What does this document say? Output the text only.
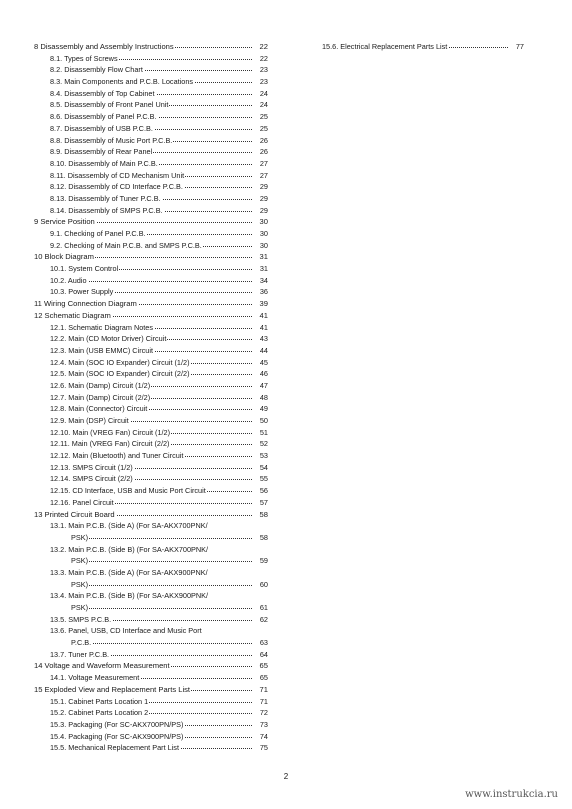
8 Disassembly and Assembly Instructions	22
8.1. Types of Screws	22
8.2. Disassembly Flow Chart	23
8.3. Main Components and P.C.B. Locations	23
8.4. Disassembly of Top Cabinet	24
8.5. Disassembly of Front Panel Unit	24
8.6. Disassembly of Panel P.C.B.	25
8.7. Disassembly of USB P.C.B.	25
8.8. Disassembly of Music Port P.C.B.	26
8.9. Disassembly of Rear Panel	26
8.10. Disassembly of Main P.C.B.	27
8.11. Disassembly of CD Mechanism Unit	27
8.12. Disassembly of CD Interface P.C.B.	29
8.13. Disassembly of Tuner P.C.B.	29
8.14. Disassembly of SMPS P.C.B.	29
9 Service Position	30
9.1. Checking of Panel P.C.B.	30
9.2. Checking of Main P.C.B. and SMPS P.C.B.	30
10 Block Diagram	31
10.1. System Control	31
10.2. Audio	34
10.3. Power Supply	36
11 Wiring Connection Diagram	39
12 Schematic Diagram	41
12.1. Schematic Diagram Notes	41
12.2. Main (CD Motor Driver) Circuit	43
12.3. Main (USB EMMC) Circuit	44
12.4. Main (SOC IO Expander) Circuit (1/2)	45
12.5. Main (SOC IO Expander) Circuit (2/2)	46
12.6. Main (Damp) Circuit (1/2)	47
12.7. Main (Damp) Circuit (2/2)	48
12.8. Main (Connector) Circuit	49
12.9. Main (DSP) Circuit	50
12.10. Main (VREG Fan) Circuit (1/2)	51
12.11. Main (VREG Fan) Circuit (2/2)	52
12.12. Main (Bluetooth) and Tuner Circuit	53
12.13. SMPS Circuit (1/2)	54
12.14. SMPS Circuit (2/2)	55
12.15. CD Interface, USB and Music Port Circuit	56
12.16. Panel Circuit	57
13 Printed Circuit Board	58
13.1. Main P.C.B. (Side A) (For SA-AKX700PNK/
PSK)	58
13.2. Main P.C.B. (Side B) (For SA-AKX700PNK/
PSK)	59
13.3. Main P.C.B. (Side A) (For SA-AKX900PNK/
PSK)	60
13.4. Main P.C.B. (Side B) (For SA-AKX900PNK/
PSK)	61
13.5. SMPS P.C.B.	62
13.6. Panel, USB, CD Interface and Music Port
P.C.B.	63
13.7. Tuner P.C.B.	64
14 Voltage and Waveform Measurement	65
14.1. Voltage Measurement	65
15 Exploded View and Replacement Parts List	71
15.1. Cabinet Parts Location 1	71
15.2. Cabinet Parts Location 2	72
15.3. Packaging (For SC-AKX700PN/PS)	73
15.4. Packaging (For SC-AKX900PN/PS)	74
15.5. Mechanical Replacement Part List	75
15.6. Electrical Replacement Parts List	77
2
www.instrukcia.ru
